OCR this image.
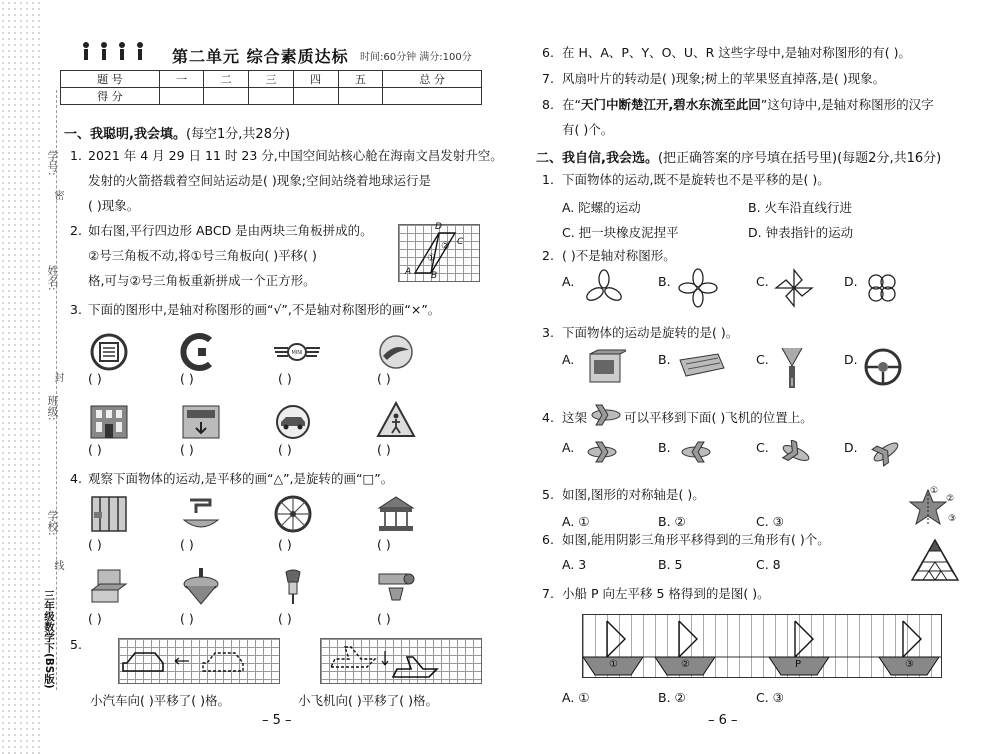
学号:
姓名:
班级:
学校:
密
封
线
三年级数学下(BS版)
第二单元 综合素质达标 时间:60分钟 满分:100分
题 号	一	二	三	四	五	总 分
得 分						
一、我聪明,我会填。(每空1分,共28分)
1. 2021 年 4 月 29 日 11 时 23 分,中国空间站核心舱在海南文昌发射升空。
发射的火箭搭载着空间站运动是( )现象;空间站绕着地球运行是
( )现象。
2. 如右图,平行四边形 ABCD 是由两块三角板拼成的。
②号三角板不动,将①号三角板向( )平移( )
格,可与②号三角板重新拼成一个正方形。
D
② C
①
A B
3. 下面的图形中,是轴对称图形的画“√”,不是轴对称图形的画“×”。
MINI
( )	( )	( )	( )
( )	( )	( )	( )
4. 观察下面物体的运动,是平移的画“△”,是旋转的画“□”。
( )	( )	( )	( )
( )	( )	( )	( )
5.
小汽车向( )平移了( )格。	小飞机向( )平移了( )格。
– 5 –
6. 在 H、A、P、Y、O、U、R 这些字母中,是轴对称图形的有( )。
7. 风扇叶片的转动是( )现象;树上的苹果竖直掉落,是( )现象。
8. 在“天门中断楚江开,碧水东流至此回”这句诗中,是轴对称图形的汉字
有( )个。
二、我自信,我会选。(把正确答案的序号填在括号里)(每题2分,共16分)
1. 下面物体的运动,既不是旋转也不是平移的是( )。
A. 陀螺的运动	B. 火车沿直线行进
C. 把一块橡皮泥捏平	D. 钟表指针的运动
2. ( )不是轴对称图形。
A.	B.	C.	D.
3. 下面物体的运动是旋转的是( )。
A.	B.	C.	D.
4. 这架	可以平移到下面( )飞机的位置上。
A.	B.	C.	D.
5. 如图,图形的对称轴是( )。
A. ①	B. ②	C. ③
①
②
③
6. 如图,能用阴影三角形平移得到的三角形有( )个。
A. 3	B. 5	C. 8
7. 小船 P 向左平移 5 格得到的是图( )。
①	②	P	③
A. ①	B. ②	C. ③
– 6 –
